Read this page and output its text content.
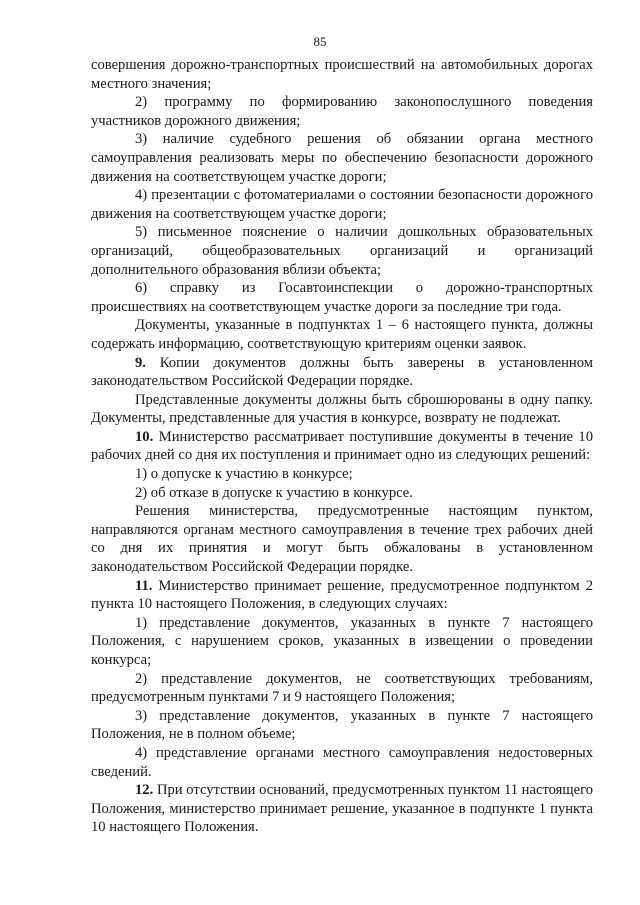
85

совершения дорожно-транспортных происшествий на автомобильных дорогах местного значения;

2) программу по формированию законопослушного поведения участников дорожного движения;

3) наличие судебного решения об обязании органа местного самоуправления реализовать меры по обеспечению безопасности дорожного движения на соответствующем участке дороги;

4) презентации с фотоматериалами о состоянии безопасности дорожного движения на соответствующем участке дороги;

5) письменное пояснение о наличии дошкольных образовательных организаций, общеобразовательных организаций и организаций дополнительного образования вблизи объекта;

6) справку из Госавтоинспекции о дорожно-транспортных происшествиях на соответствующем участке дороги за последние три года.

Документы, указанные в подпунктах 1 – 6 настоящего пункта, должны содержать информацию, соответствующую критериям оценки заявок.

9. Копии документов должны быть заверены в установленном законодательством Российской Федерации порядке.

Представленные документы должны быть сброшюрованы в одну папку. Документы, представленные для участия в конкурсе, возврату не подлежат.

10. Министерство рассматривает поступившие документы в течение 10 рабочих дней со дня их поступления и принимает одно из следующих решений:

1) о допуске к участию в конкурсе;

2) об отказе в допуске к участию в конкурсе.

Решения министерства, предусмотренные настоящим пунктом, направляются органам местного самоуправления в течение трех рабочих дней со дня их принятия и могут быть обжалованы в установленном законодательством Российской Федерации порядке.

11. Министерство принимает решение, предусмотренное подпунктом 2 пункта 10 настоящего Положения, в следующих случаях:

1) представление документов, указанных в пункте 7 настоящего Положения, с нарушением сроков, указанных в извещении о проведении конкурса;

2) представление документов, не соответствующих требованиям, предусмотренным пунктами 7 и 9 настоящего Положения;

3) представление документов, указанных в пункте 7 настоящего Положения, не в полном объеме;

4) представление органами местного самоуправления недостоверных сведений.

12. При отсутствии оснований, предусмотренных пунктом 11 настоящего Положения, министерство принимает решение, указанное в подпункте 1 пункта 10 настоящего Положения.
